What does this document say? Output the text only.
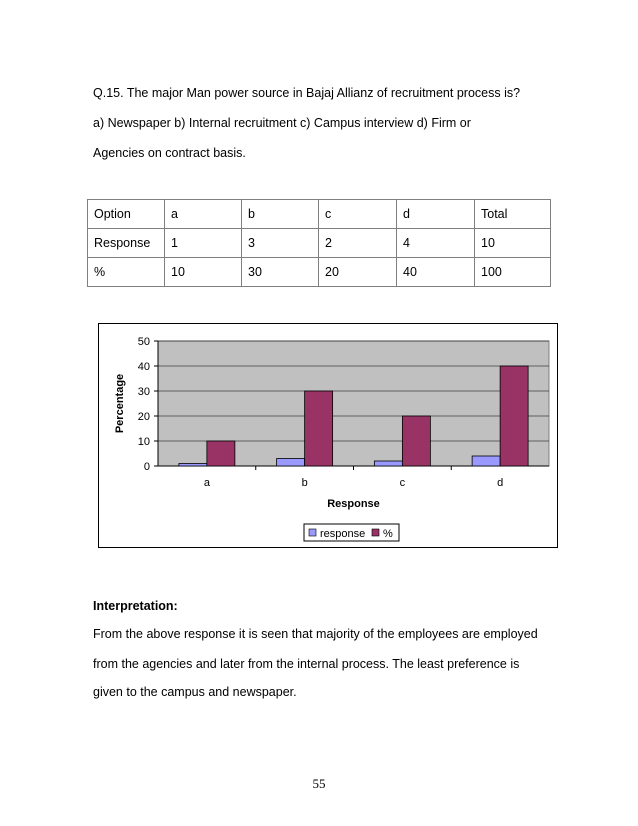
Q.15. The major Man power source in Bajaj Allianz of recruitment process is?
a) Newspaper b) Internal recruitment c) Campus interview d) Firm or
Agencies on contract basis.
Option	a	b	c	d	Total
Response	1	3	2	4	10
%	10	30	20	40	100
0
10
20
30
40
50
a	b	c	d
Response
Percentage
response %
Interpretation:
From the above response it is seen that majority of the employees are employed
from the agencies and later from the internal process. The least preference is
given to the campus and newspaper.
55
